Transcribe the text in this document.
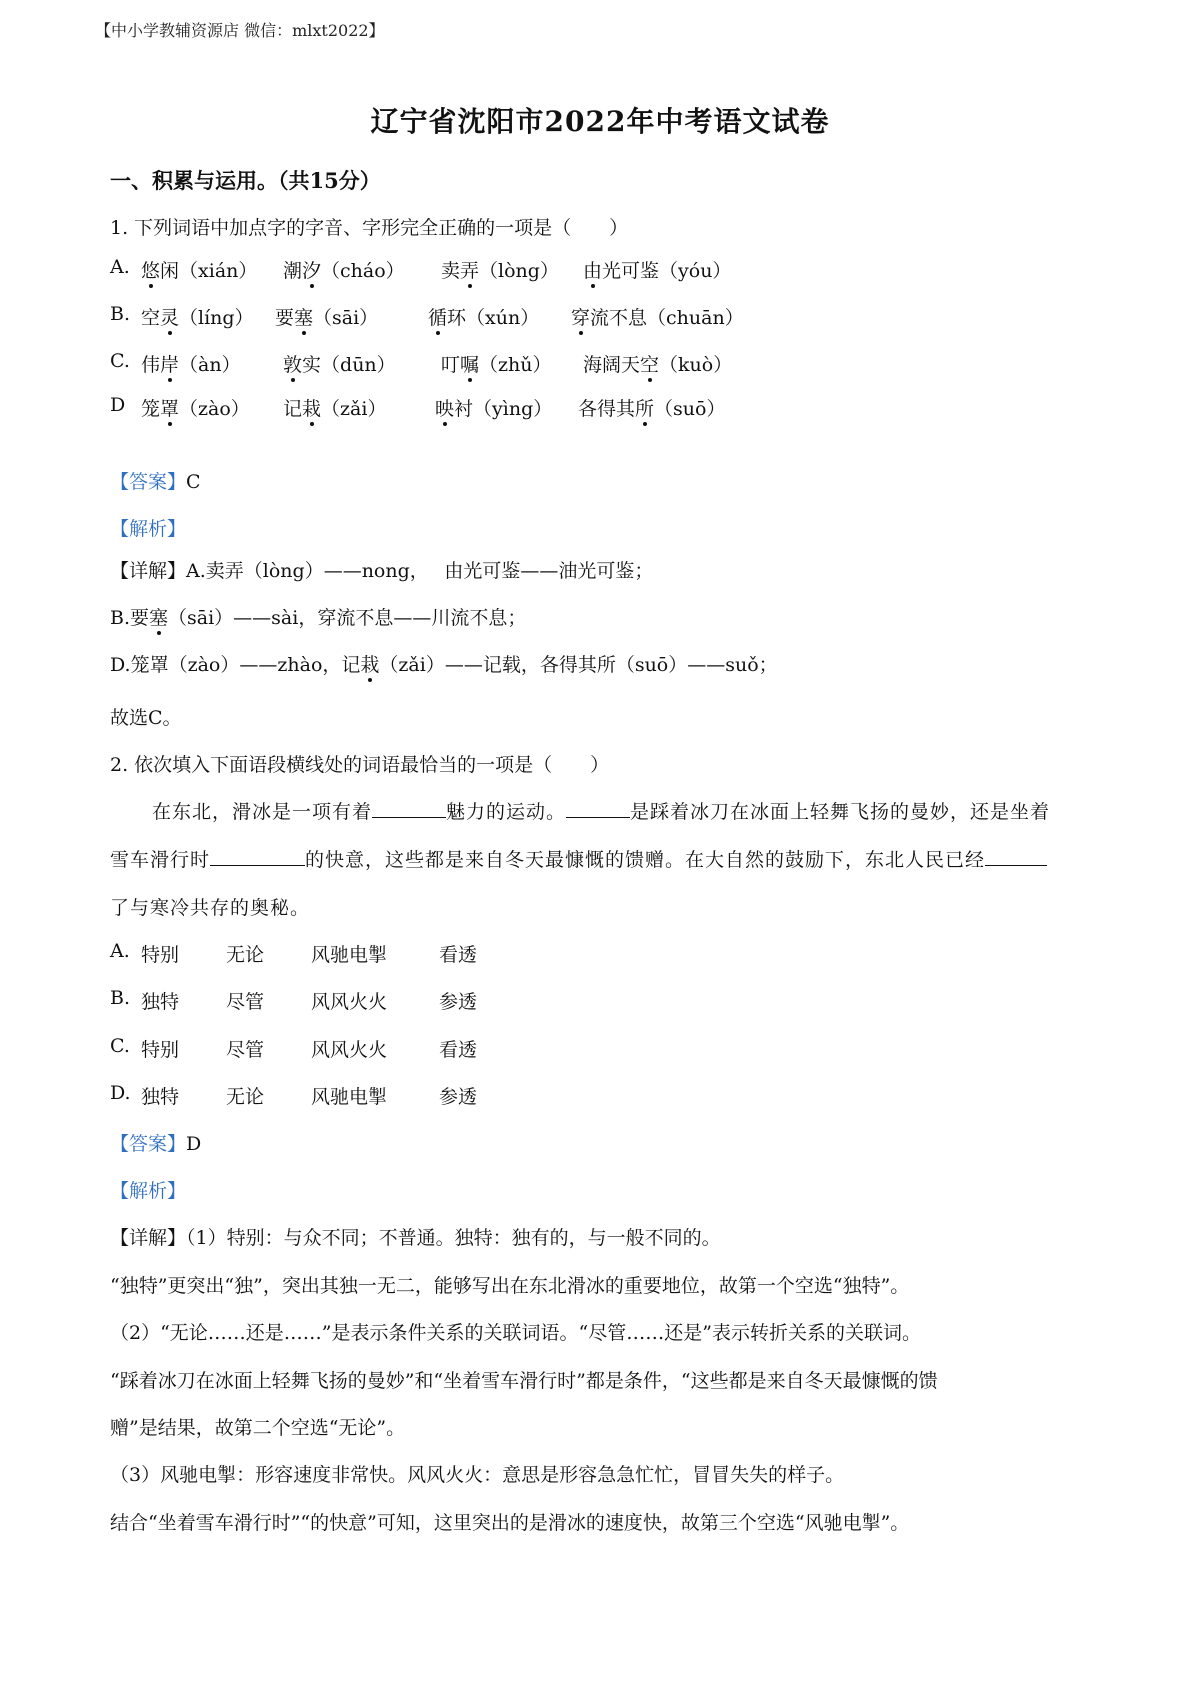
【中小学教辅资源店 微信：mlxt2022】
辽宁省沈阳市2022年中考语文试卷
一、积累与运用。（共15分）
1. 下列词语中加点字的字音、字形完全正确的一项是（　　）
A. 悠闲（xián） 潮汐（cháo） 卖弄（lòng） 由光可鉴（yóu）
B. 空灵（líng） 要塞（sāi）	循环（xún） 穿流不息（chuān）
C. 伟岸（àn） 敦实（dūn） 叮嘱（zhǔ） 海阔天空（kuò）
D 笼罩（zào） 记栽（zǎi）	映衬（yìng） 各得其所（suō）
【答案】C
【解析】
【详解】A.卖弄（lòng）——nong，　 由光可鉴——油光可鉴；
B.要塞（sāi）——sài，穿流不息——川流不息；
D.笼罩（zào）——zhào，记栽（zǎi）——记载，各得其所（suō）——suǒ；
故选C。
2. 依次填入下面语段横线处的词语最恰当的一项是（　　）
在东北，滑冰是一项有着	魅力的运动。	是踩着冰刀在冰面上轻舞飞扬的曼妙，还是坐着
雪车滑行时	的快意，这些都是来自冬天最慷慨的馈赠。在大自然的鼓励下，东北人民已经
了与寒冷共存的奥秘。
A. 特别 无论 风驰电掣	看透
B. 独特 尽管 风风火火	参透
C. 特别 尽管 风风火火	看透
D. 独特 无论 风驰电掣	参透
【答案】D
【解析】
【详解】（1）特别：与众不同；不普通。独特：独有的，与一般不同的。
“独特”更突出“独”，突出其独一无二，能够写出在东北滑冰的重要地位，故第一个空选“独特”。
（2）“无论……还是……”是表示条件关系的关联词语。“尽管……还是”表示转折关系的关联词。
“踩着冰刀在冰面上轻舞飞扬的曼妙”和“坐着雪车滑行时”都是条件，“这些都是来自冬天最慷慨的馈
赠”是结果，故第二个空选“无论”。
（3）风驰电掣：形容速度非常快。风风火火：意思是形容急急忙忙，冒冒失失的样子。
结合“坐着雪车滑行时”“的快意”可知，这里突出的是滑冰的速度快，故第三个空选“风驰电掣”。
